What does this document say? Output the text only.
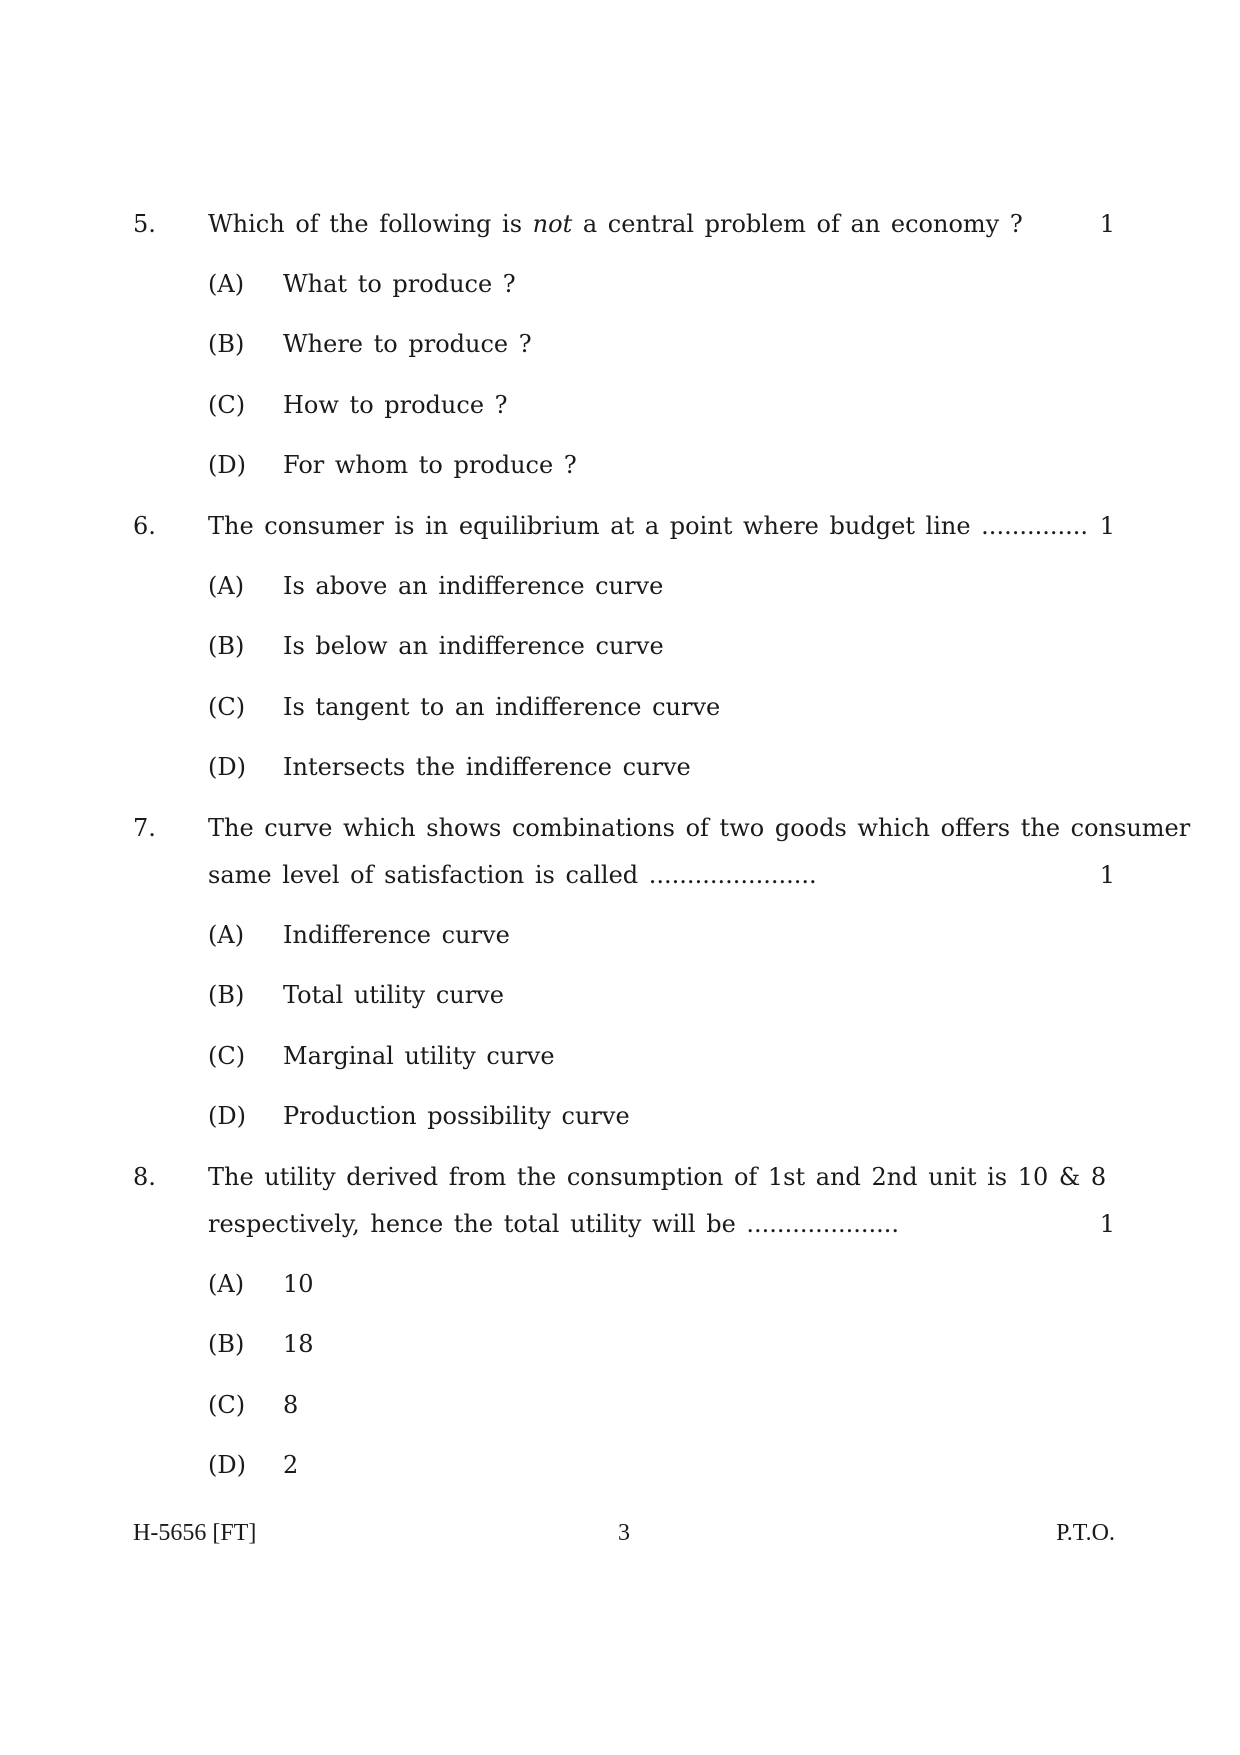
5. Which of the following is not a central problem of an economy ?	1
(A) What to produce ?
(B) Where to produce ?
(C) How to produce ?
(D) For whom to produce ?
6. The consumer is in equilibrium at a point where budget line .............. 1
(A) Is above an indifference curve
(B) Is below an indifference curve
(C) Is tangent to an indifference curve
(D) Intersects the indifference curve
7. The curve which shows combinations of two goods which offers the consumer
same level of satisfaction is called ......................	1
(A) Indifference curve
(B) Total utility curve
(C) Marginal utility curve
(D) Production possibility curve
8. The utility derived from the consumption of 1st and 2nd unit is 10 & 8
respectively, hence the total utility will be ....................	1
(A) 10
(B) 18
(C) 8
(D) 2
H-5656 [FT]	3	P.T.O.
